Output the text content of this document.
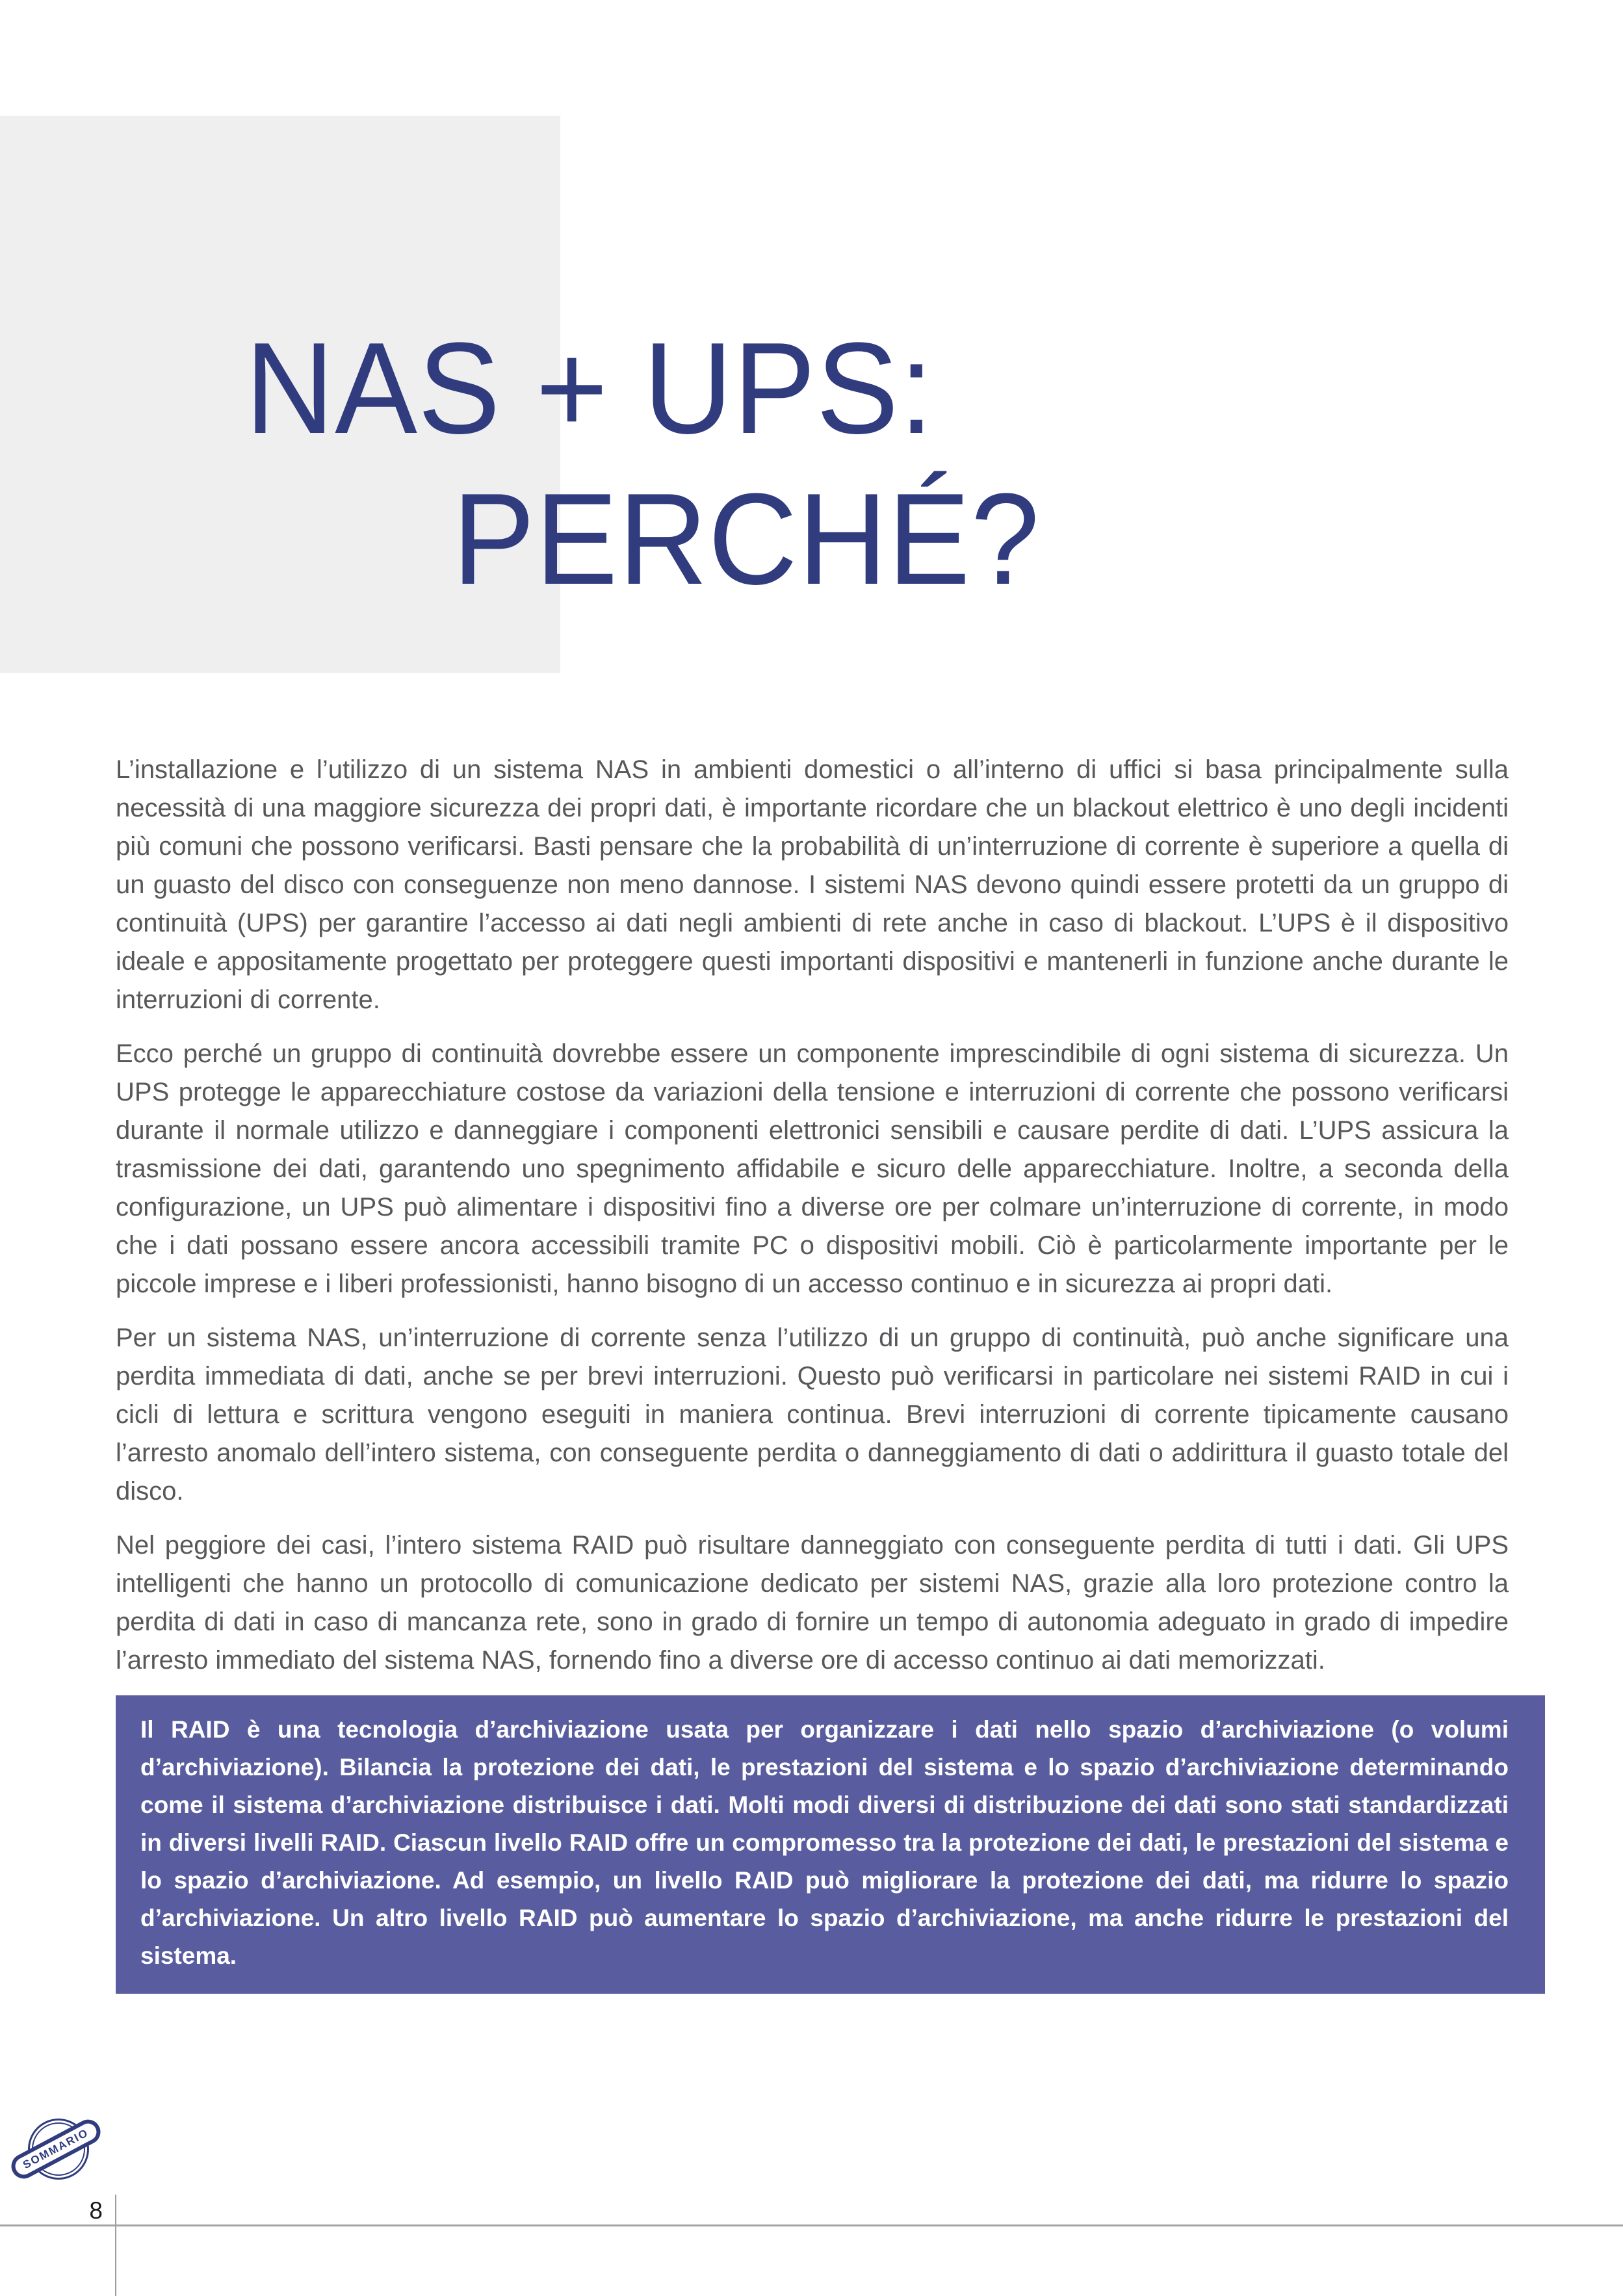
NAS + UPS:
PERCHÉ?

L’installazione e l’utilizzo di un sistema NAS in ambienti domestici o all’interno di uffici si basa principalmente sulla necessità di una maggiore sicurezza dei propri dati, è importante ricordare che un blackout elettrico è uno degli incidenti più comuni che possono verificarsi. Basti pensare che la probabilità di un’interruzione di corrente è superiore a quella di un guasto del disco con conseguenze non meno dannose. I sistemi NAS devono quindi essere protetti da un gruppo di continuità (UPS) per garantire l’accesso ai dati negli ambienti di rete anche in caso di blackout. L’UPS è il dispositivo ideale e appositamente progettato per proteggere questi importanti dispositivi e mantenerli in funzione anche durante le interruzioni di corrente.

Ecco perché un gruppo di continuità dovrebbe essere un componente imprescindibile di ogni sistema di sicurezza. Un UPS protegge le apparecchiature costose da variazioni della tensione e interruzioni di corrente che possono verificarsi durante il normale utilizzo e danneggiare i componenti elettronici sensibili e causare perdite di dati. L’UPS assicura la trasmissione dei dati, garantendo uno spegnimento affidabile e sicuro delle apparecchiature. Inoltre, a seconda della configurazione, un UPS può alimentare i dispositivi fino a diverse ore per colmare un’interruzione di corrente, in modo che i dati possano essere ancora accessibili tramite PC o dispositivi mobili. Ciò è particolarmente importante per le piccole imprese e i liberi professionisti, hanno bisogno di un accesso continuo e in sicurezza ai propri dati.

Per un sistema NAS, un’interruzione di corrente senza l’utilizzo di un gruppo di continuità, può anche significare una perdita immediata di dati, anche se per brevi interruzioni. Questo può verificarsi in particolare nei sistemi RAID in cui i cicli di lettura e scrittura vengono eseguiti in maniera continua. Brevi interruzioni di corrente tipicamente causano l’arresto anomalo dell’intero sistema, con conseguente perdita o danneggiamento di dati o addirittura il guasto totale del disco.

Nel peggiore dei casi, l’intero sistema RAID può risultare danneggiato con conseguente perdita di tutti i dati. Gli UPS intelligenti che hanno un protocollo di comunicazione dedicato per sistemi NAS, grazie alla loro protezione contro la perdita di dati in caso di mancanza rete, sono in grado di fornire un tempo di autonomia adeguato in grado di impedire l’arresto immediato del sistema NAS, fornendo fino a diverse ore di accesso continuo ai dati memorizzati.

Il RAID è una tecnologia d’archiviazione usata per organizzare i dati nello spazio d’archiviazione (o volumi d’archiviazione). Bilancia la protezione dei dati, le prestazioni del sistema e lo spazio d’archiviazione determinando come il sistema d’archiviazione distribuisce i dati. Molti modi diversi di distribuzione dei dati sono stati standardizzati in diversi livelli RAID. Ciascun livello RAID offre un compromesso tra la protezione dei dati, le prestazioni del sistema e lo spazio d’archiviazione. Ad esempio, un livello RAID può migliorare la protezione dei dati, ma ridurre lo spazio d’archiviazione. Un altro livello RAID può aumentare lo spazio d’archiviazione, ma anche ridurre le prestazioni del sistema.

SOMMARIO
8
